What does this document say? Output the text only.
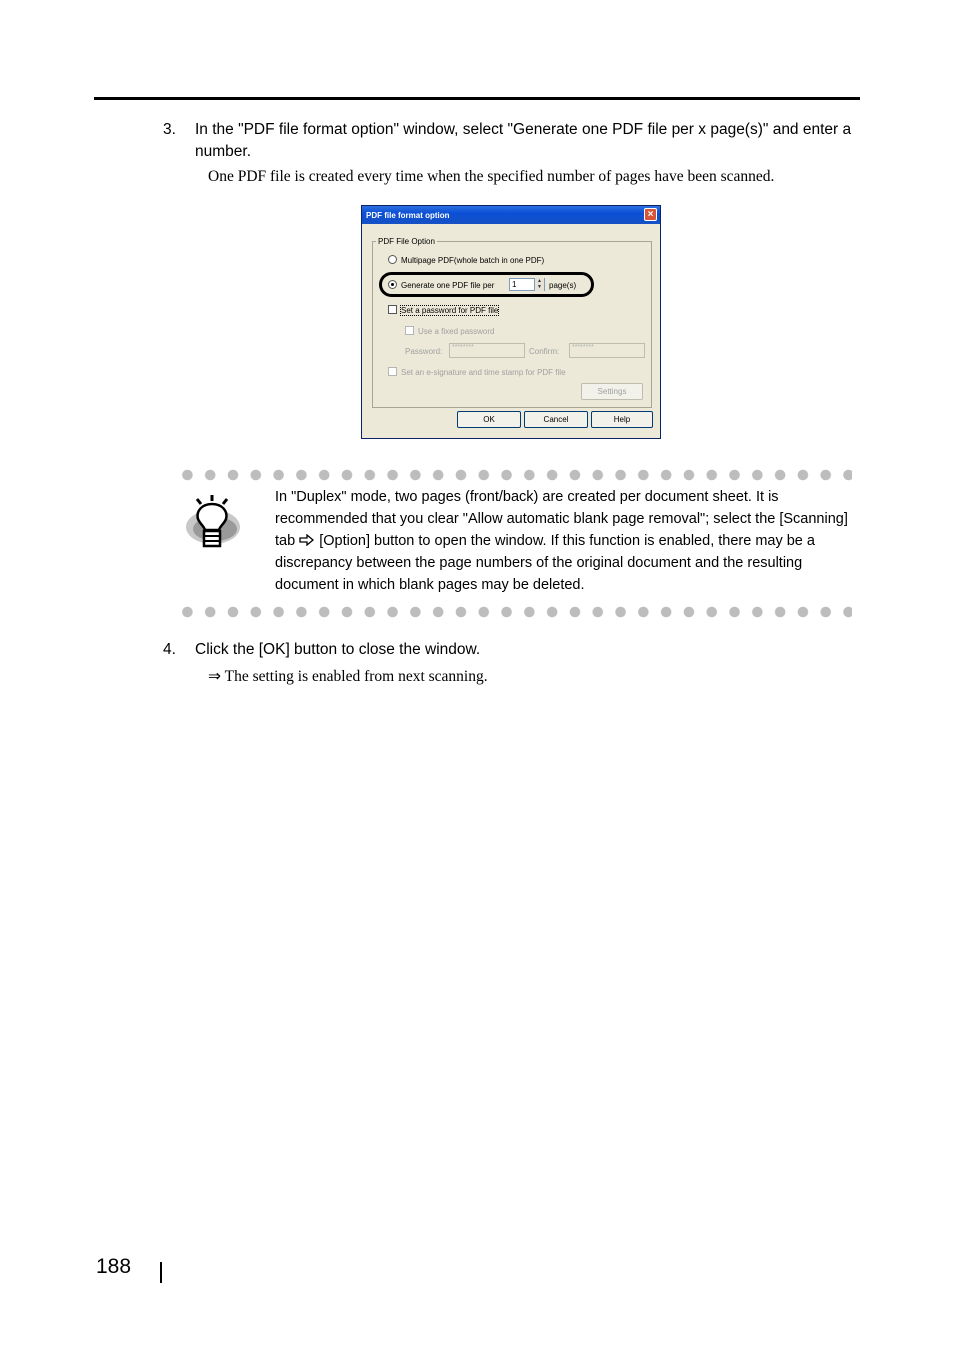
3. In the "PDF file format option" window, select "Generate one PDF file per x page(s)" and enter a number.
One PDF file is created every time when the specified number of pages have been scanned.
PDF file format option	×
PDF File Option
Multipage PDF(whole batch in one PDF)
Generate one PDF file per	1	▲
▼ page(s)
Set a password for PDF file
Use a fixed password
Password:	********	Confirm:	********
Set an e-signature and time stamp for PDF file
Settings
OK	Cancel	Help
In "Duplex" mode, two pages (front/back) are created per document sheet. It is recommended that you clear "Allow automatic blank page removal"; select the [Scanning] tab [Option] button to open the window. If this function is enabled, there may be a discrepancy between the page numbers of the original document and the resulting document in which blank pages may be deleted.
4. Click the [OK] button to close the window.
⇒ The setting is enabled from next scanning.
188
